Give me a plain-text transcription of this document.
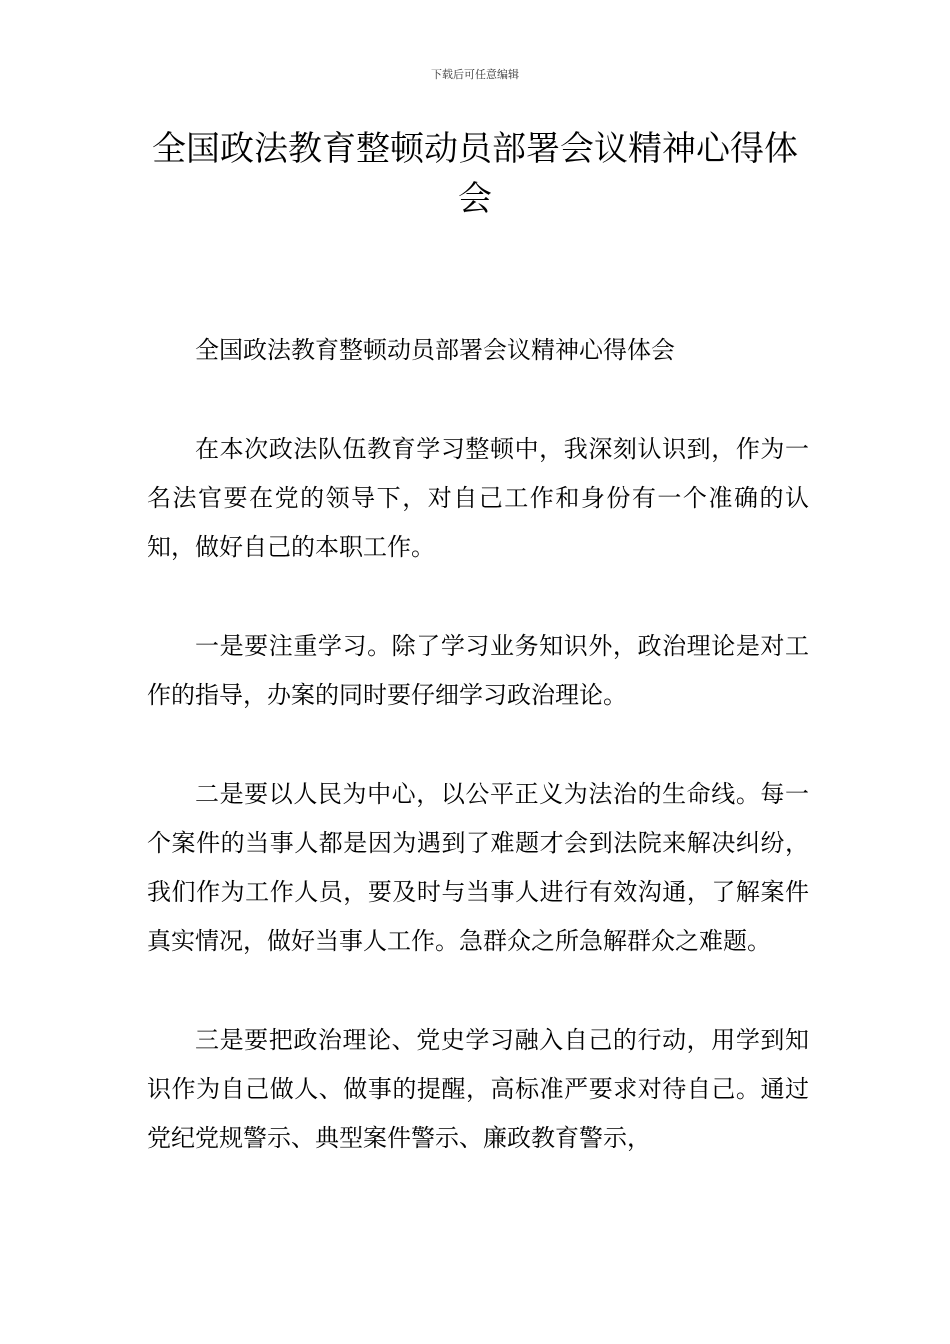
下载后可任意编辑
全国政法教育整顿动员部署会议精神心得体会

全国政法教育整顿动员部署会议精神心得体会

在本次政法队伍教育学习整顿中，我深刻认识到，作为一名法官要在党的领导下，对自己工作和身份有一个准确的认知，做好自己的本职工作。

一是要注重学习。除了学习业务知识外，政治理论是对工作的指导，办案的同时要仔细学习政治理论。

二是要以人民为中心，以公平正义为法治的生命线。每一个案件的当事人都是因为遇到了难题才会到法院来解决纠纷，我们作为工作人员，要及时与当事人进行有效沟通，了解案件真实情况，做好当事人工作。急群众之所急解群众之难题。

三是要把政治理论、党史学习融入自己的行动，用学到知识作为自己做人、做事的提醒，高标准严要求对待自己。通过党纪党规警示、典型案件警示、廉政教育警示，
